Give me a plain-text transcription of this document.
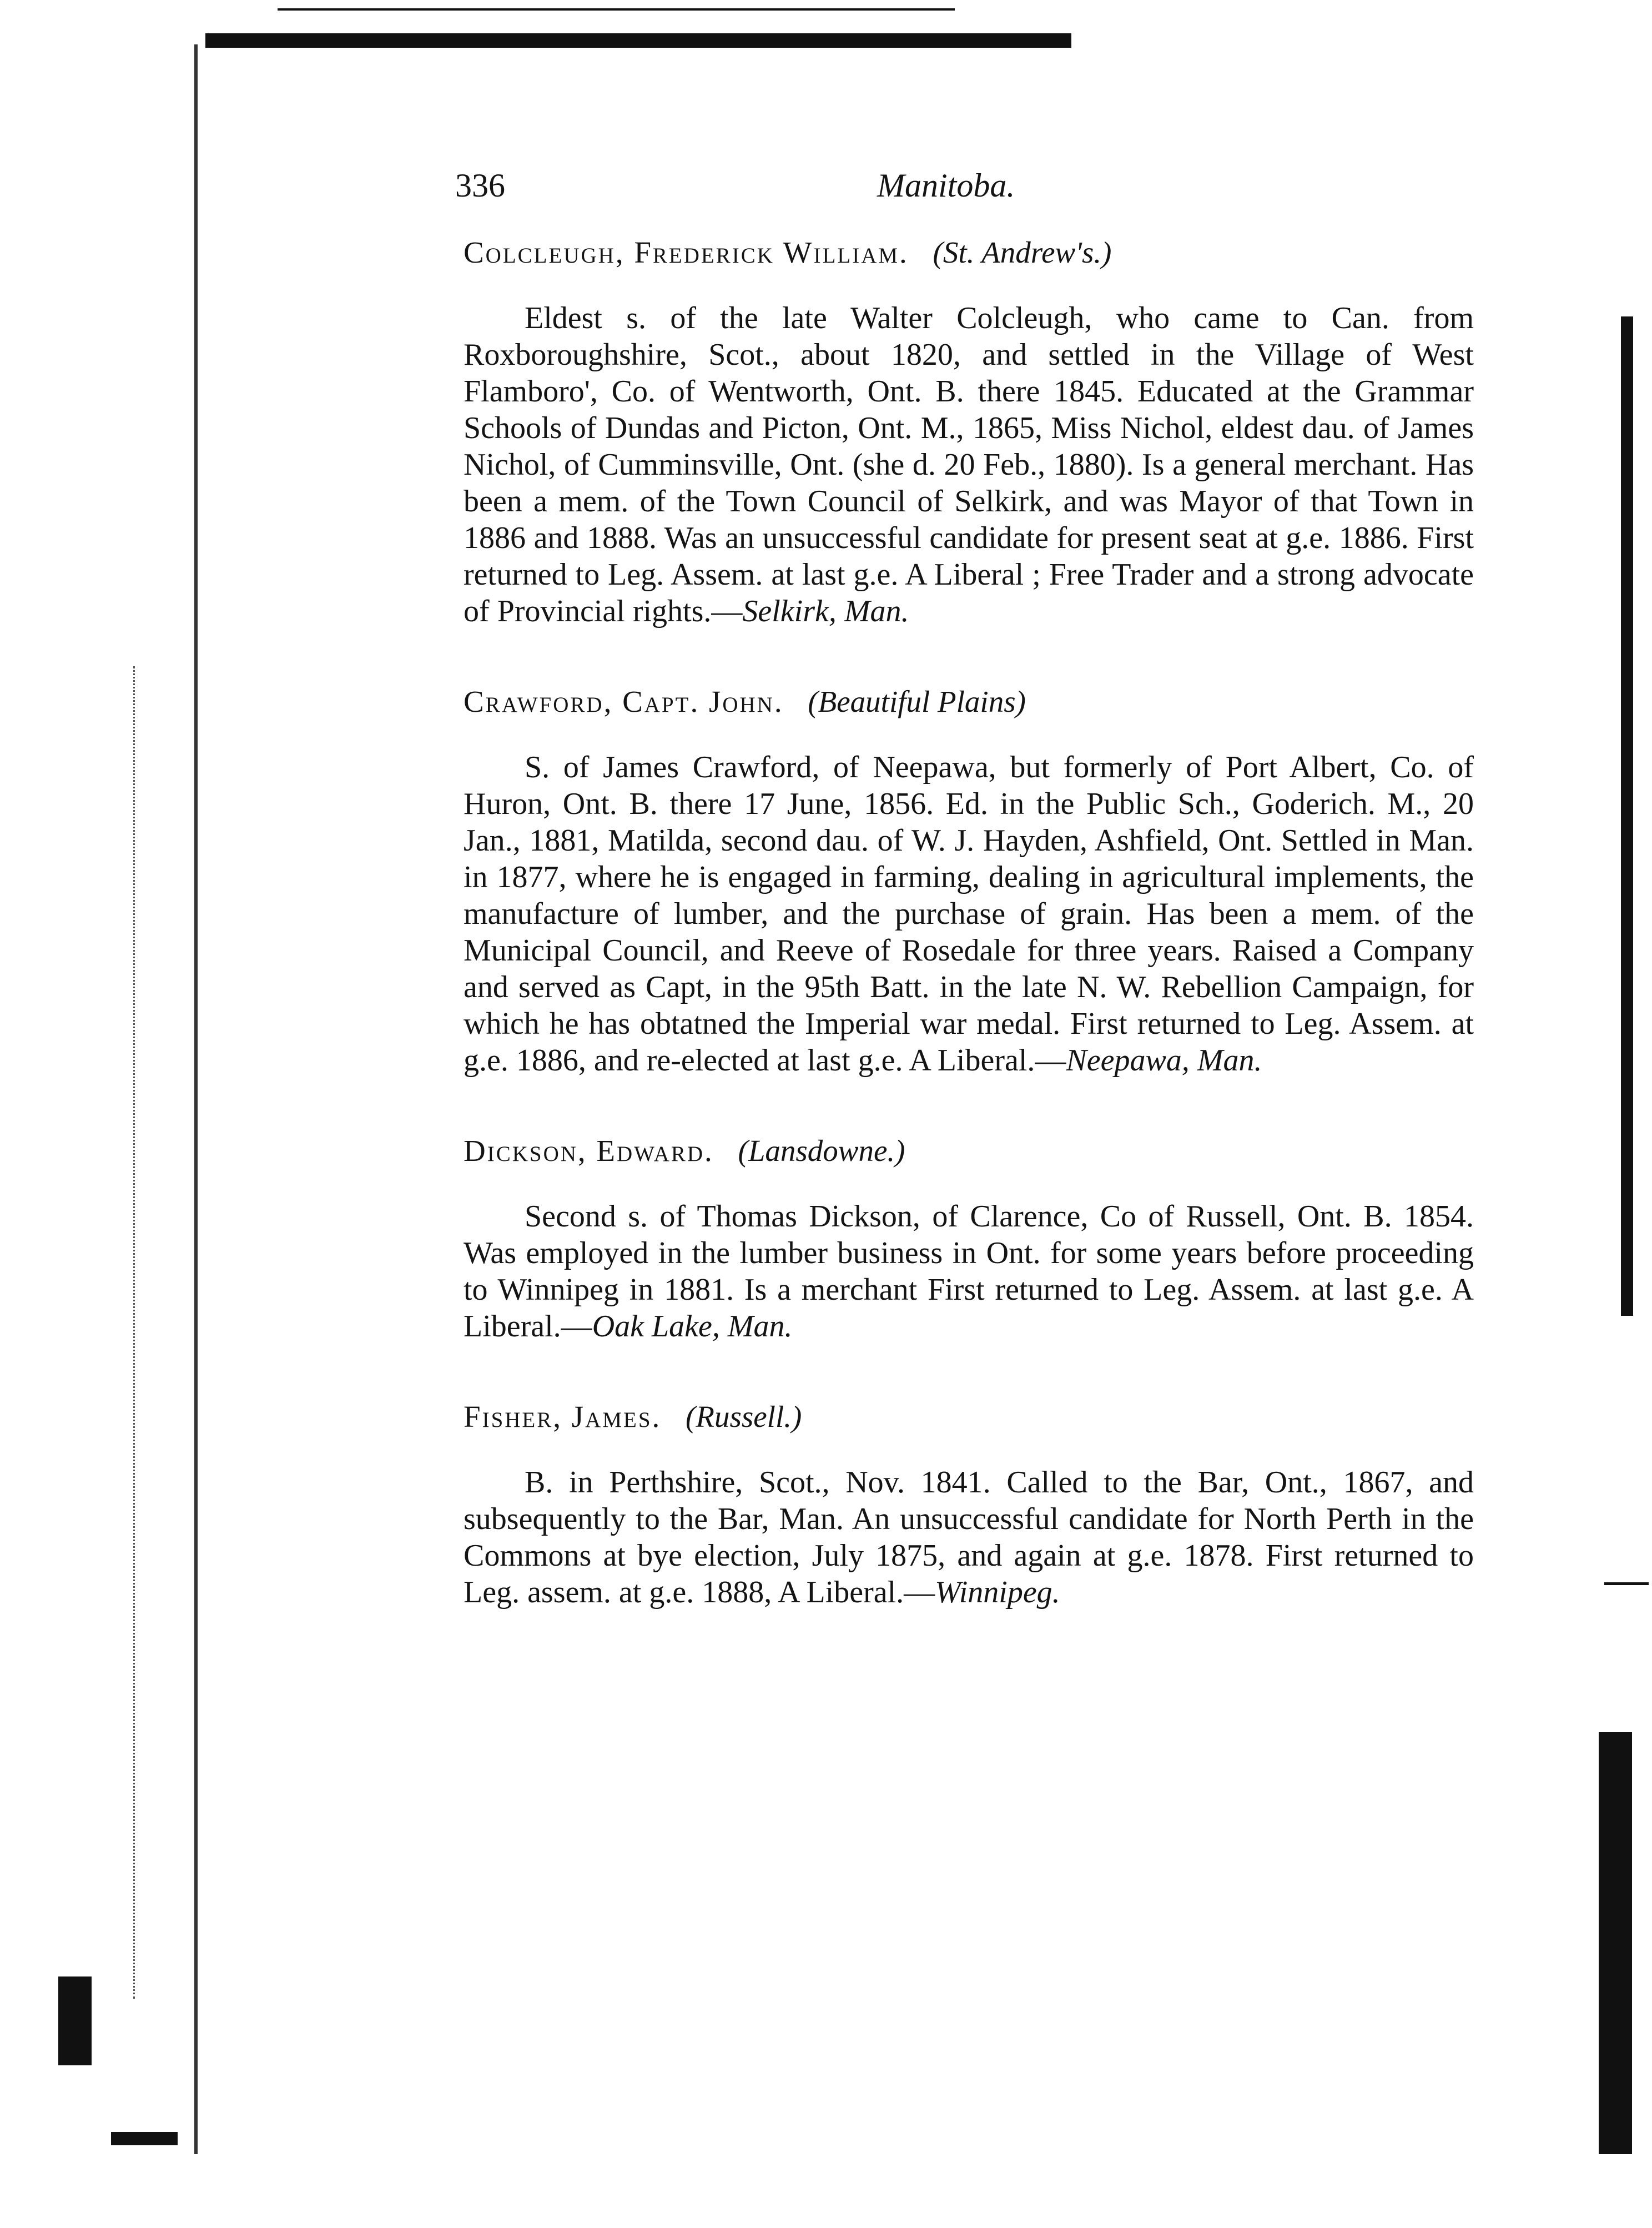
336	Manitoba.

Colcleugh, Frederick William. (St. Andrew's.)

Eldest s. of the late Walter Colcleugh, who came to Can. from Roxboroughshire, Scot., about 1820, and settled in the Village of West Flamboro', Co. of Wentworth, Ont. B. there 1845. Educated at the Grammar Schools of Dundas and Picton, Ont. M., 1865, Miss Nichol, eldest dau. of James Nichol, of Cumminsville, Ont. (she d. 20 Feb., 1880). Is a general merchant. Has been a mem. of the Town Council of Selkirk, and was Mayor of that Town in 1886 and 1888. Was an unsuccessful candidate for present seat at g.e. 1886. First returned to Leg. Assem. at last g.e. A Liberal ; Free Trader and a strong advocate of Provincial rights.—Selkirk, Man.

Crawford, Capt. John. (Beautiful Plains)

S. of James Crawford, of Neepawa, but formerly of Port Albert, Co. of Huron, Ont. B. there 17 June, 1856. Ed. in the Public Sch., Goderich. M., 20 Jan., 1881, Matilda, second dau. of W. J. Hayden, Ashfield, Ont. Settled in Man. in 1877, where he is engaged in farming, dealing in agricultural implements, the manufacture of lumber, and the purchase of grain. Has been a mem. of the Municipal Council, and Reeve of Rosedale for three years. Raised a Company and served as Capt, in the 95th Batt. in the late N. W. Rebellion Campaign, for which he has obtatned the Imperial war medal. First returned to Leg. Assem. at g.e. 1886, and re-elected at last g.e. A Liberal.—Neepawa, Man.

Dickson, Edward. (Lansdowne.)

Second s. of Thomas Dickson, of Clarence, Co of Russell, Ont. B. 1854. Was employed in the lumber business in Ont. for some years before proceeding to Winnipeg in 1881. Is a merchant First returned to Leg. Assem. at last g.e. A Liberal.—Oak Lake, Man.

Fisher, James. (Russell.)

B. in Perthshire, Scot., Nov. 1841. Called to the Bar, Ont., 1867, and subsequently to the Bar, Man. An unsuccessful candidate for North Perth in the Commons at bye election, July 1875, and again at g.e. 1878. First returned to Leg. assem. at g.e. 1888, A Liberal.—Winnipeg.
